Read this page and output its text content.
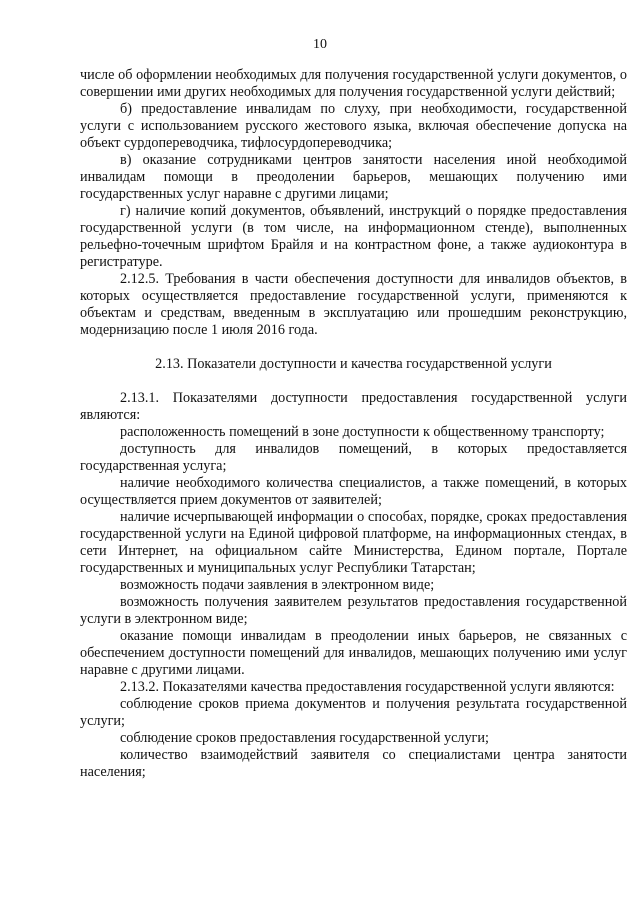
10

числе об оформлении необходимых для получения государственной услуги документов, о совершении ими других необходимых для получения государственной услуги действий;

б) предоставление инвалидам по слуху, при необходимости, государственной услуги с использованием русского жестового языка, включая обеспечение допуска на объект сурдопереводчика, тифлосурдопереводчика;

в) оказание сотрудниками центров занятости населения иной необходимой инвалидам помощи в преодолении барьеров, мешающих получению ими государственных услуг наравне с другими лицами;

г) наличие копий документов, объявлений, инструкций о порядке предоставления государственной услуги (в том числе, на информационном стенде), выполненных рельефно-точечным шрифтом Брайля и на контрастном фоне, а также аудиоконтура в регистратуре.

2.12.5. Требования в части обеспечения доступности для инвалидов объектов, в которых осуществляется предоставление государственной услуги, применяются к объектам и средствам, введенным в эксплуатацию или прошедшим реконструкцию, модернизацию после 1 июля 2016 года.

2.13. Показатели доступности и качества государственной услуги

2.13.1. Показателями доступности предоставления государственной услуги являются:

расположенность помещений в зоне доступности к общественному транспорту;

доступность для инвалидов помещений, в которых предоставляется государственная услуга;

наличие необходимого количества специалистов, а также помещений, в которых осуществляется прием документов от заявителей;

наличие исчерпывающей информации о способах, порядке, сроках предоставления государственной услуги на Единой цифровой платформе, на информационных стендах, в сети Интернет, на официальном сайте Министерства, Едином портале, Портале государственных и муниципальных услуг Республики Татарстан;

возможность подачи заявления в электронном виде;

возможность получения заявителем результатов предоставления государственной услуги в электронном виде;

оказание помощи инвалидам в преодолении иных барьеров, не связанных с обеспечением доступности помещений для инвалидов, мешающих получению ими услуг наравне с другими лицами.

2.13.2. Показателями качества предоставления государственной услуги являются:

соблюдение сроков приема документов и получения результата государственной услуги;

соблюдение сроков предоставления государственной услуги;

количество взаимодействий заявителя со специалистами центра занятости населения;
